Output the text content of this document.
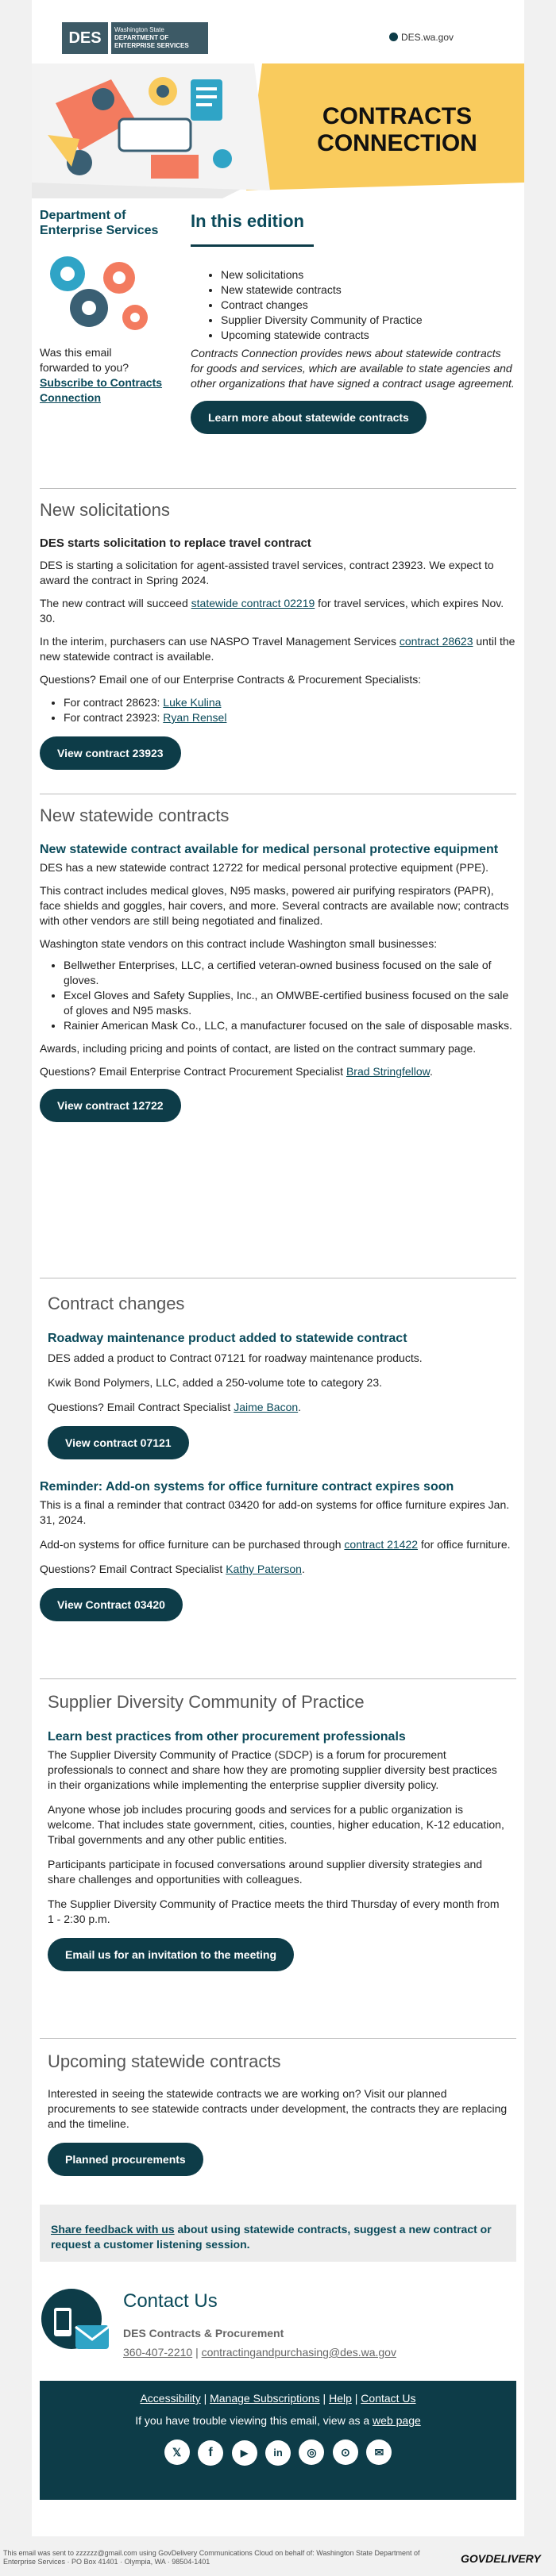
DES	Washington State
DEPARTMENT OF
ENTERPRISE SERVICES
DES.wa.gov
CONTRACTS
CONNECTION
Department of Enterprise Services
Was this email forwarded to you?
Subscribe to Contracts Connection
In this edition
• New solicitations
• New statewide contracts
• Contract changes
• Supplier Diversity Community of Practice
• Upcoming statewide contracts

Contracts Connection provides news about statewide contracts for goods and services, which are available to state agencies and other organizations that have signed a contract usage agreement.

Learn more about statewide contracts
New solicitations
DES starts solicitation to replace travel contract

DES is starting a solicitation for agent-assisted travel services, contract 23923. We expect to award the contract in Spring 2024.

The new contract will succeed statewide contract 02219 for travel services, which expires Nov. 30.

In the interim, purchasers can use NASPO Travel Management Services contract 28623 until the new statewide contract is available.

Questions? Email one of our Enterprise Contracts & Procurement Specialists:

• For contract 28623: Luke Kulina
• For contract 23923: Ryan Rensel
View contract 23923
New statewide contracts
New statewide contract available for medical personal protective equipment

DES has a new statewide contract 12722 for medical personal protective equipment (PPE).

This contract includes medical gloves, N95 masks, powered air purifying respirators (PAPR), face shields and goggles, hair covers, and more. Several contracts are available now; contracts with other vendors are still being negotiated and finalized.

Washington state vendors on this contract include Washington small businesses:

• Bellwether Enterprises, LLC, a certified veteran-owned business focused on the sale of gloves.
• Excel Gloves and Safety Supplies, Inc., an OMWBE-certified business focused on the sale of gloves and N95 masks.
• Rainier American Mask Co., LLC, a manufacturer focused on the sale of disposable masks.

Awards, including pricing and points of contact, are listed on the contract summary page.

Questions? Email Enterprise Contract Procurement Specialist Brad Stringfellow.

View contract 12722
Contract changes
Roadway maintenance product added to statewide contract

DES added a product to Contract 07121 for roadway maintenance products.

Kwik Bond Polymers, LLC, added a 250-volume tote to category 23.

Questions? Email Contract Specialist Jaime Bacon.

View contract 07121
Reminder: Add-on systems for office furniture contract expires soon

This is a final a reminder that contract 03420 for add-on systems for office furniture expires Jan. 31, 2024.

Add-on systems for office furniture can be purchased through contract 21422 for office furniture.

Questions? Email Contract Specialist Kathy Paterson.

View Contract 03420
Supplier Diversity Community of Practice
Learn best practices from other procurement professionals

The Supplier Diversity Community of Practice (SDCP) is a forum for procurement professionals to connect and share how they are promoting supplier diversity best practices in their organizations while implementing the enterprise supplier diversity policy.

Anyone whose job includes procuring goods and services for a public organization is welcome. That includes state government, cities, counties, higher education, K-12 education, Tribal governments and any other public entities.

Participants participate in focused conversations around supplier diversity strategies and share challenges and opportunities with colleagues.

The Supplier Diversity Community of Practice meets the third Thursday of every month from 1 - 2:30 p.m.

Email us for an invitation to the meeting
Upcoming statewide contracts

Interested in seeing the statewide contracts we are working on? Visit our planned procurements to see statewide contracts under development, the contracts they are replacing and the timeline.

Planned procurements

Share feedback with us about using statewide contracts, suggest a new contract or request a customer listening session.

Contact Us
DES Contracts & Procurement
360-407-2210 | contractingandpurchasing@des.wa.gov
Accessibility | Manage Subscriptions | Help | Contact Us
If you have trouble viewing this email, view as a web page
𝕏 f	▶ in ◎ ⊙ ✉
This email was sent to zzzzzz@gmail.com using GovDelivery Communications Cloud on behalf of: Washington State Department of Enterprise Services · PO Box 41401 · Olympia, WA · 98504-1401	GOVDELIVERY
